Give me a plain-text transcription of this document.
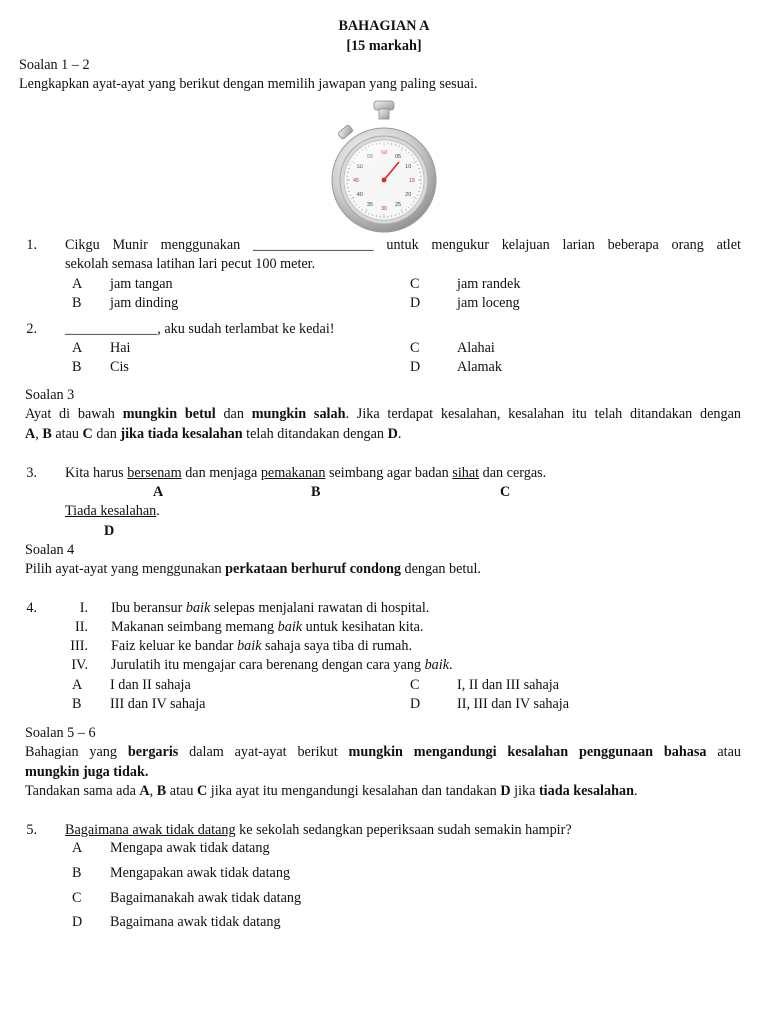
BAHAGIAN A
[15 markah]
Soalan 1 – 2
Lengkapkan ayat-ayat yang berikut dengan memilih jawapan yang paling sesuai.
55
60
05
50	10
45	15
40	20
35
30
25
1. Cikgu Munir menggunakan _________________ untuk mengukur kelajuan larian beberapa orang atlet
sekolah semasa latihan lari pecut 100 meter.
A jam tangan
B jam dinding
C	jam randek
D	jam loceng
2. _____________, aku sudah terlambat ke kedai!
A Hai
B Cis
C	Alahai
D	Alamak
Soalan 3
Ayat di bawah mungkin betul dan mungkin salah. Jika terdapat kesalahan, kesalahan itu telah ditandakan dengan
A, B atau C dan jika tiada kesalahan telah ditandakan dengan D.
3. Kita harus bersenam dan menjaga pemakanan seimbang agar badan sihat dan cergas.
A	B	C
Tiada kesalahan.
D
Soalan 4
Pilih ayat-ayat yang menggunakan perkataan berhuruf condong dengan betul.
4.	I. Ibu beransur baik selepas menjalani rawatan di hospital.
II. Makanan seimbang memang baik untuk kesihatan kita.
III. Faiz keluar ke bandar baik sahaja saya tiba di rumah.
IV. Jurulatih itu mengajar cara berenang dengan cara yang baik.
A I dan II sahaja
B III dan IV sahaja
C	I, II dan III sahaja
D	II, III dan IV sahaja
Soalan 5 – 6
Bahagian yang bergaris dalam ayat-ayat berikut mungkin mengandungi kesalahan penggunaan bahasa atau
mungkin juga tidak.
Tandakan sama ada A, B atau C jika ayat itu mengandungi kesalahan dan tandakan D jika tiada kesalahan.
5. Bagaimana awak tidak datang ke sekolah sedangkan peperiksaan sudah semakin hampir?
A Mengapa awak tidak datang
B Mengapakan awak tidak datang
C Bagaimanakah awak tidak datang
D Bagaimana awak tidak datang
